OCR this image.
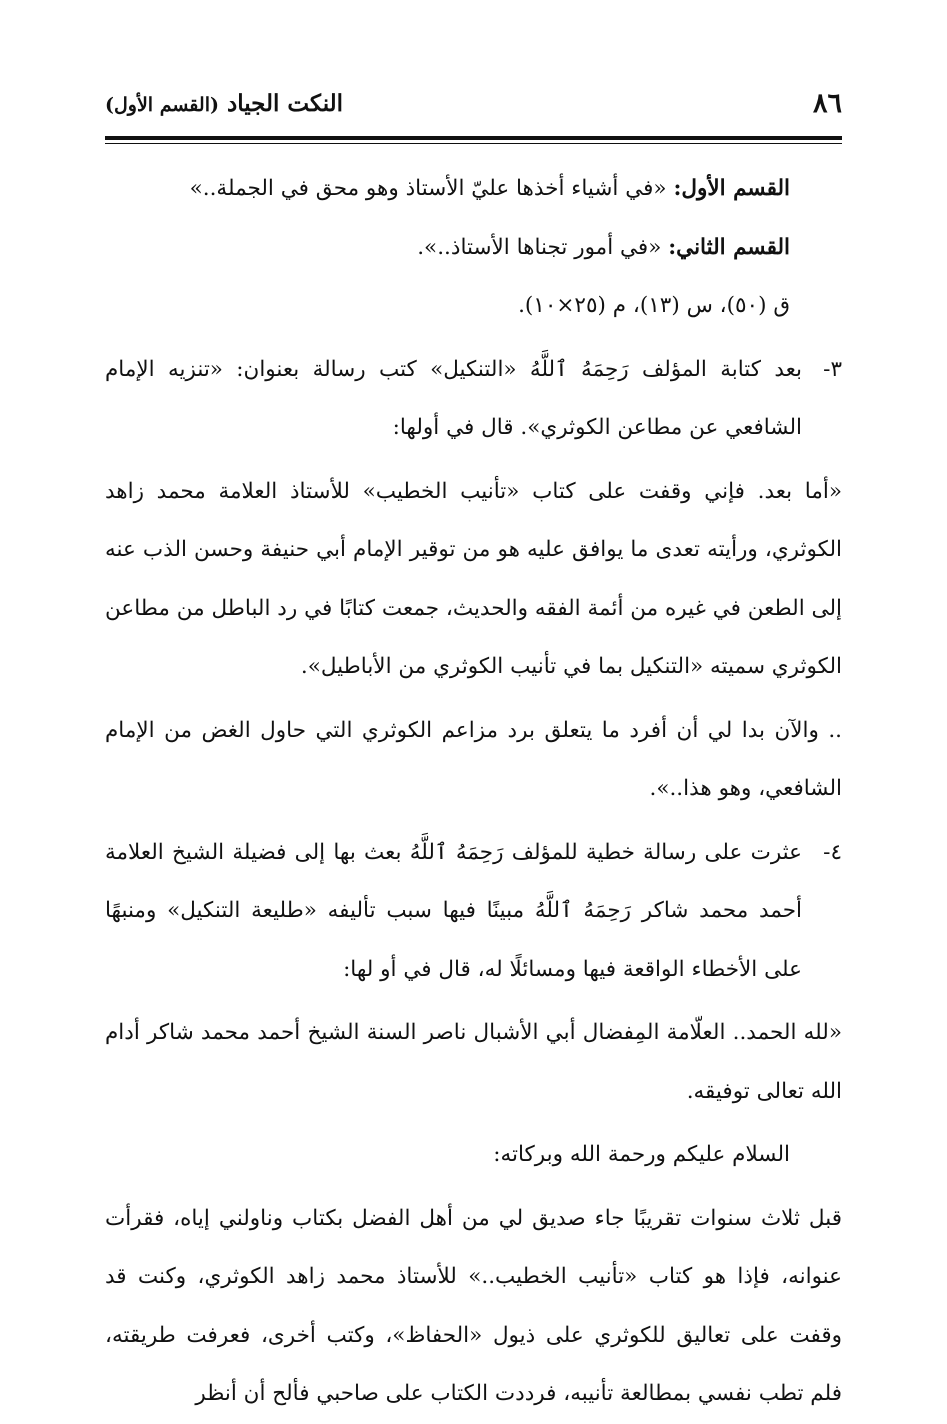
٨٦
النكت الجياد (القسم الأول)

القسم الأول: «في أشياء أخذها عليّ الأستاذ وهو محق في الجملة..»

القسم الثاني: «في أمور تجناها الأستاذ..».

ق (٥٠)، س (١٣)، م (٢٥×١٠).

٣-
بعد كتابة المؤلف رَحِمَهُ ٱللَّهُ «التنكيل» كتب رسالة بعنوان: «تنزيه الإمام الشافعي عن مطاعن الكوثري». قال في أولها:

«أما بعد. فإني وقفت على كتاب «تأنيب الخطيب» للأستاذ العلامة محمد زاهد الكوثري، ورأيته تعدى ما يوافق عليه هو من توقير الإمام أبي حنيفة وحسن الذب عنه إلى الطعن في غيره من أئمة الفقه والحديث، جمعت كتابًا في رد الباطل من مطاعن الكوثري سميته «التنكيل بما في تأنيب الكوثري من الأباطيل».

.. والآن بدا لي أن أفرد ما يتعلق برد مزاعم الكوثري التي حاول الغض من الإمام الشافعي، وهو هذا..».

٤-
عثرت على رسالة خطية للمؤلف رَحِمَهُ ٱللَّهُ بعث بها إلى فضيلة الشيخ العلامة أحمد محمد شاكر رَحِمَهُ ٱللَّهُ مبينًا فيها سبب تأليفه «طليعة التنكيل» ومنبهًا على الأخطاء الواقعة فيها ومسائلًا له، قال في أو لها:

«لله الحمد.. العلّامة المِفضال أبي الأشبال ناصر السنة الشيخ أحمد محمد شاكر أدام الله تعالى توفيقه.

السلام عليكم ورحمة الله وبركاته:

قبل ثلاث سنوات تقريبًا جاء صديق لي من أهل الفضل بكتاب وناولني إياه، فقرأت عنوانه، فإذا هو كتاب «تأنيب الخطيب..» للأستاذ محمد زاهد الكوثري، وكنت قد وقفت على تعاليق للكوثري على ذيول «الحفاظ»، وكتب أخرى، فعرفت طريقته، فلم تطب نفسي بمطالعة تأنيبه، فرددت الكتاب على صاحبي فألح أن أنظر
